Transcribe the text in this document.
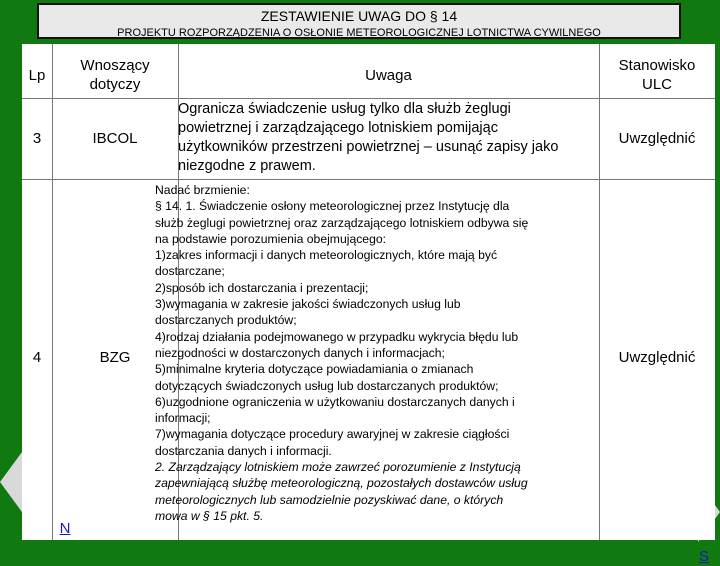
ZESTAWIENIE UWAG DO § 14
PROJEKTU ROZPORZĄDZENIA O OSŁONIE METEOROLOGICZNEJ LOTNICTWA CYWILNEGO
Lp
Wnoszący
dotyczy
Uwaga
Stanowisko
ULC
3	IBCOL
Ogranicza świadczenie usług tylko dla służb żeglugi
powietrznej i zarządzającego lotniskiem pomijając
użytkowników przestrzeni powietrznej – usunąć zapisy jako
niezgodne z prawem.
Uwzględnić
4	BZG
Nadać brzmienie:
§ 14. 1. Świadczenie osłony meteorologicznej przez Instytucję dla
służb żeglugi powietrznej oraz zarządzającego lotniskiem odbywa się
na podstawie porozumienia obejmującego:
1)zakres informacji i danych meteorologicznych, które mają być
dostarczane;
2)sposób ich dostarczania i prezentacji;
3)wymagania w zakresie jakości świadczonych usług lub
dostarczanych produktów;
4)rodzaj działania podejmowanego w przypadku wykrycia błędu lub
niezgodności w dostarczonych danych i informacjach;
5)minimalne kryteria dotyczące powiadamiania o zmianach
dotyczących świadczonych usług lub dostarczanych produktów;
6)uzgodnione ograniczenia w użytkowaniu dostarczanych danych i
informacji;
7)wymagania dotyczące procedury awaryjnej w zakresie ciągłości
dostarczania danych i informacji.
2. Zarządzający lotniskiem może zawrzeć porozumienie z Instytucją
zapewniającą służbę meteorologiczną, pozostałych dostawców usług
meteorologicznych lub samodzielnie pozyskiwać dane, o których
mowa w § 15 pkt. 5.
Uwzględnić
N
S
